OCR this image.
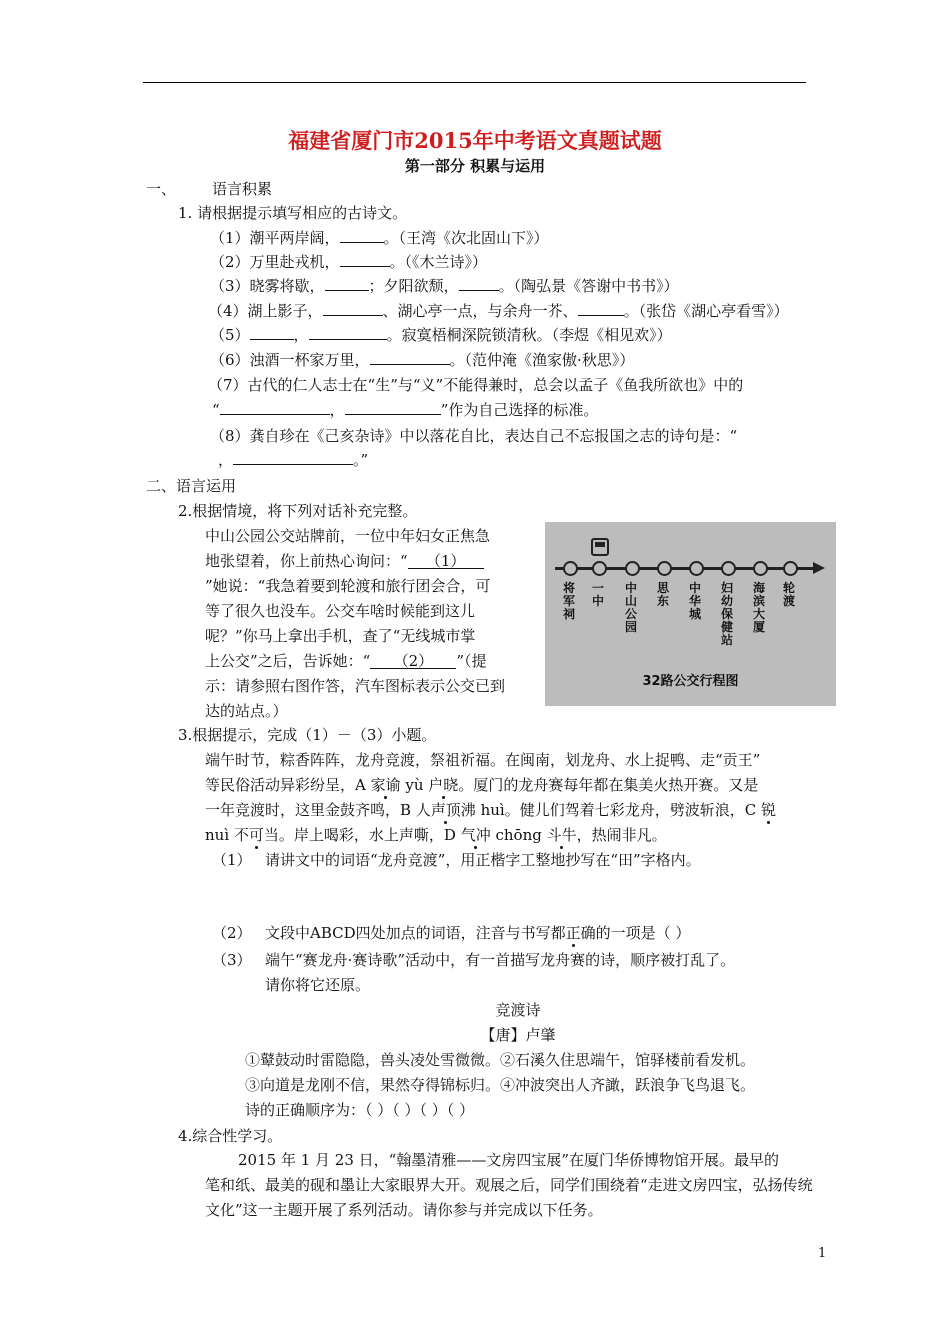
福建省厦门市2015年中考语文真题试题
第一部分 积累与运用
一、 语言积累
1. 请根据提示填写相应的古诗文。
（1）潮平两岸阔，	。（王湾《次北固山下》）
（2）万里赴戎机，	。（《木兰诗》）
（3）晓雾将歇，	；夕阳欲颓，	。（陶弘景《答谢中书书》）
（4）湖上影子，	、湖心亭一点，与余舟一芥、	。（张岱《湖心亭看雪》）
（5）	，	。寂寞梧桐深院锁清秋。（李煜《相见欢》）
（6）浊酒一杯家万里，	。（范仲淹《渔家傲·秋思》）
（7）古代的仁人志士在“生”与“义”不能得兼时，总会以孟子《鱼我所欲也》中的
“	，	”作为自己选择的标准。
（8）龚自珍在《己亥杂诗》中以落花自比，表达自己不忘报国之志的诗句是：“
，	。”
二、语言运用
2.根据情境，将下列对话补充完整。
中山公园公交站牌前，一位中年妇女正焦急
地张望着，你上前热心询问：“ （1）
”她说：“我急着要到轮渡和旅行团会合，可
等了很久也没车。公交车啥时候能到这儿
呢？”你马上拿出手机，查了“无线城市掌
上公交”之后，告诉她：“ （2） ”（提
示：请参照右图作答，汽车图标表示公交已到
达的站点。）
将军祠
一中
中山公园
思东
中华城
妇幼保健站
海滨大厦
轮渡
32路公交行程图
3.根据提示，完成（1）－（3）小题。
端午时节，粽香阵阵，龙舟竞渡，祭祖祈福。在闽南，划龙舟、水上捉鸭、走“贡王”
等民俗活动异彩纷呈，A 家谕 yù 户晓。厦门的龙舟赛每年都在集美火热开赛。又是
一年竞渡时，这里金鼓齐鸣，B 人声顶沸 huì。健儿们驾着七彩龙舟，劈波斩浪，C 锐
nuì 不可当。岸上喝彩，水上声嘶，D 气冲 chōng 斗牛，热闹非凡。
（1） 请讲文中的词语“龙舟竞渡”，用正楷字工整地抄写在“田”字格内。
（2） 文段中ABCD四处加点的词语，注音与书写都正确的一项是（ ）
（3） 端午“赛龙舟·赛诗歌”活动中，有一首描写龙舟赛的诗，顺序被打乱了。
请你将它还原。
竞渡诗
【唐】卢肇
①鼙鼓动时雷隐隐，兽头凌处雪微微。②石溪久住思端午，馆驿楼前看发机。
③向道是龙刚不信，果然夺得锦标归。④冲波突出人齐譀，跃浪争飞鸟退飞。
诗的正确顺序为：（ ）（ ）（ ）（ ）
4.综合性学习。
2015 年 1 月 23 日，“翰墨清雅——文房四宝展”在厦门华侨博物馆开展。最早的
笔和纸、最美的砚和墨让大家眼界大开。观展之后，同学们围绕着“走进文房四宝，弘扬传统
文化”这一主题开展了系列活动。请你参与并完成以下任务。
1
